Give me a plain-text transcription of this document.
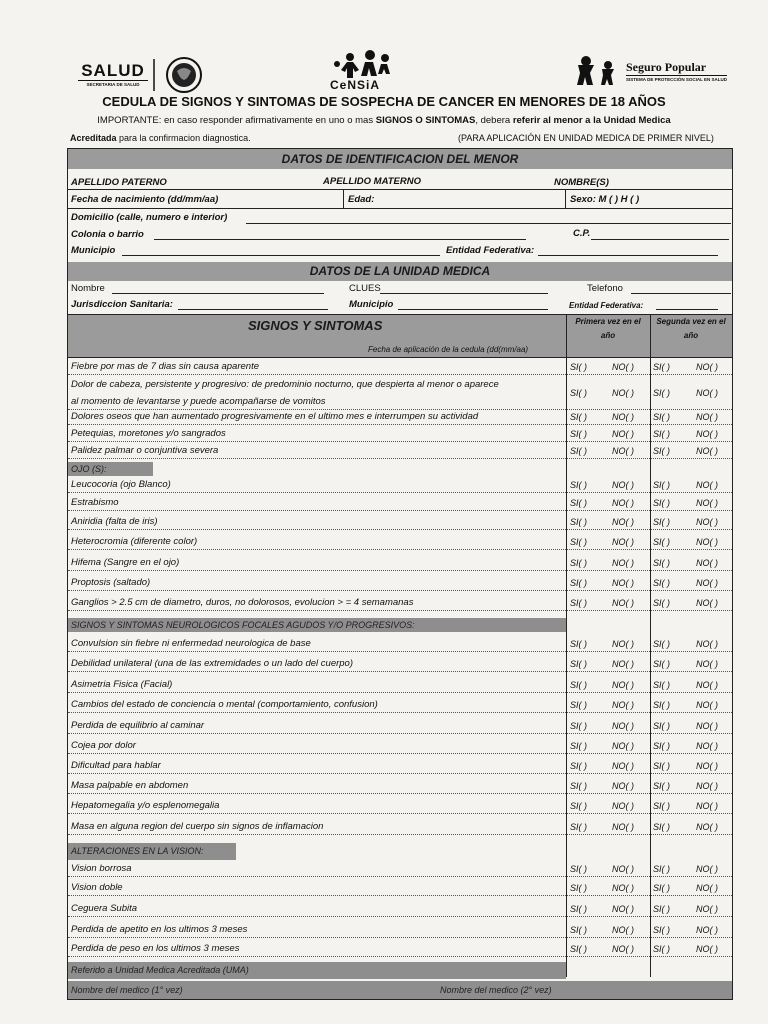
SALUD
SECRETARIA DE SALUD	CeNSiA
Seguro Popular
SISTEMA DE PROTECCIÓN SOCIAL EN SALUD
CEDULA DE SIGNOS Y SINTOMAS DE SOSPECHA DE CANCER EN MENORES DE 18 AÑOS
IMPORTANTE: en caso responder afirmativamente en uno o mas SIGNOS O SINTOMAS, debera referir al menor a la Unidad Medica
Acreditada para la confirmacion diagnostica.	(PARA APLICACIÓN EN UNIDAD MEDICA DE PRIMER NIVEL)
DATOS DE IDENTIFICACION DEL MENOR
APELLIDO PATERNO	APELLIDO MATERNO	NOMBRE(S)
Fecha de nacimiento (dd/mm/aa)	Edad:	Sexo: M ( ) H ( )
Domicilio (calle, numero e interior)
Colonia o barrio	C.P.
Municipio	Entidad Federativa:
DATOS DE LA UNIDAD MEDICA
Nombre	CLUES	Telefono
Jurisdiccion Sanitaria:	Municipio	Entidad Federativa:
SIGNOS Y SINTOMAS
Fecha de aplicación de la cedula (dd(mm/aa)
Primera vez en el
año
Segunda vez en el
año
Fiebre por mas de 7 dias sin causa aparente	SI( )	NO( ) SI( )	NO( )
Dolor de cabeza, persistente y progresivo: de predominio nocturno, que despierta al menor o aparece
SI( )	NO( ) SI( )	NO( )
al momento de levantarse y puede acompañarse de vomitos
Dolores oseos que han aumentado progresivamente en el ultimo mes e interrumpen su actividad	SI( )	NO( ) SI( )	NO( )
Petequias, moretones y/o sangrados	SI( )	NO( ) SI( )	NO( )
Palidez palmar o conjuntiva severa	SI( )	NO( ) SI( )	NO( )
Leucocoria (ojo Blanco)	SI( )	NO( ) SI( )	NO( )
Estrabismo	SI( )	NO( ) SI( )	NO( )
Aniridia (falta de iris)	SI( )	NO( ) SI( )	NO( )
Heterocromia (diferente color)	SI( )	NO( ) SI( )	NO( )
Hifema (Sangre en el ojo)	SI( )	NO( ) SI( )	NO( )
Proptosis (saltado)	SI( )	NO( ) SI( )	NO( )
Ganglios > 2.5 cm de diametro, duros, no dolorosos, evolucion > = 4 semamanas	SI( )	NO( ) SI( )	NO( )
Convulsion sin fiebre ni enfermedad neurologica de base	SI( )	NO( ) SI( )	NO( )
Debilidad unilateral (una de las extremidades o un lado del cuerpo)	SI( )	NO( ) SI( )	NO( )
Asimetria Fisica (Facial)	SI( )	NO( ) SI( )	NO( )
Cambios del estado de conciencia o mental (comportamiento, confusion)	SI( )	NO( ) SI( )	NO( )
Perdida de equilibrio al caminar	SI( )	NO( ) SI( )	NO( )
Cojea por dolor	SI( )	NO( ) SI( )	NO( )
Dificultad para hablar	SI( )	NO( ) SI( )	NO( )
Masa palpable en abdomen	SI( )	NO( ) SI( )	NO( )
Hepatomegalia y/o esplenomegalia	SI( )	NO( ) SI( )	NO( )
Masa en alguna region del cuerpo sin signos de inflamacion	SI( )	NO( ) SI( )	NO( )
Vision borrosa	SI( )	NO( ) SI( )	NO( )
Vision doble	SI( )	NO( ) SI( )	NO( )
Ceguera Subita	SI( )	NO( ) SI( )	NO( )
Perdida de apetito en los ultimos 3 meses	SI( )	NO( ) SI( )	NO( )
Perdida de peso en los ultimos 3 meses	SI( )	NO( ) SI( )	NO( )
OJO (S):
SIGNOS Y SINTOMAS NEUROLOGICOS FOCALES AGUDOS Y/O PROGRESIVOS:
ALTERACIONES EN LA VISION:
Referido a Unidad Medica Acreditada (UMA)
Nombre del medico (1° vez)	Nombre del medico (2° vez)
